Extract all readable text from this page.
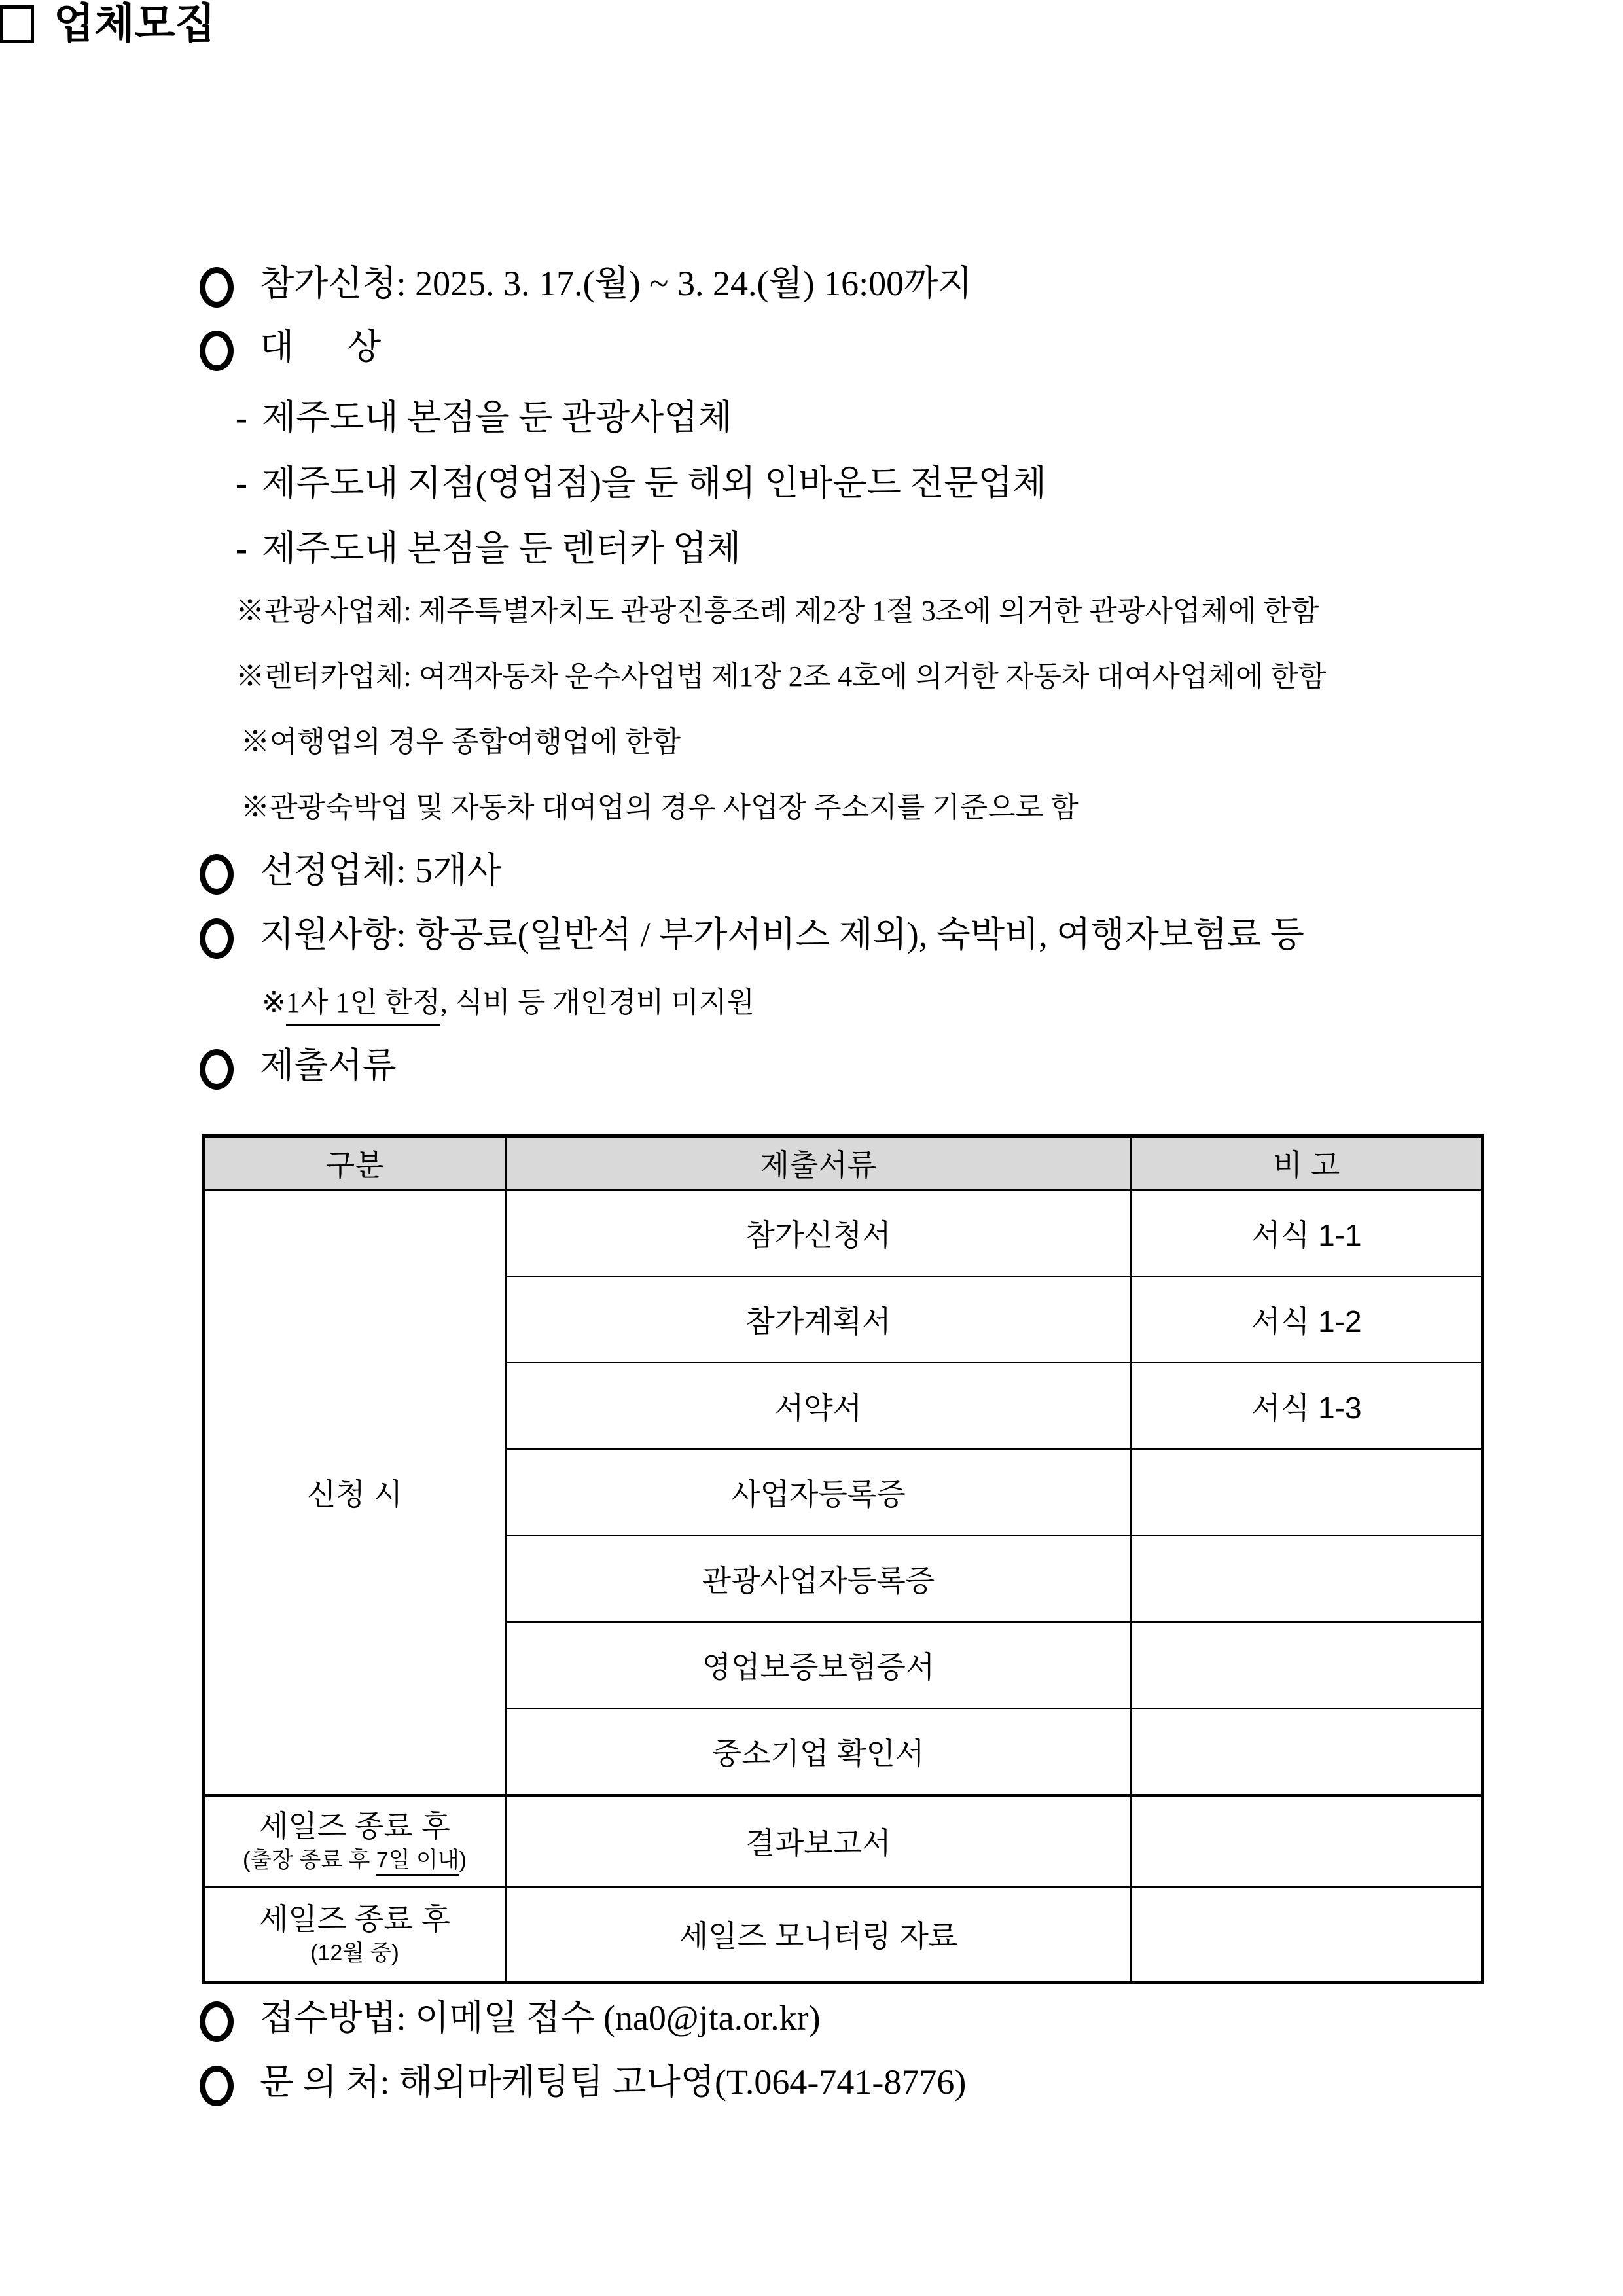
업체모집
참가신청: 2025. 3. 17.(월) ~ 3. 24.(월) 16:00까지
대      상
- 제주도내 본점을 둔 관광사업체
- 제주도내 지점(영업점)을 둔 해외 인바운드 전문업체
- 제주도내 본점을 둔 렌터카 업체
※관광사업체: 제주특별자치도 관광진흥조례 제2장 1절 3조에 의거한 관광사업체에 한함
※렌터카업체: 여객자동차 운수사업법 제1장 2조 4호에 의거한 자동차 대여사업체에 한함
※여행업의 경우 종합여행업에 한함
※관광숙박업 및 자동차 대여업의 경우 사업장 주소지를 기준으로 함
선정업체: 5개사
지원사항: 항공료(일반석 / 부가서비스 제외), 숙박비, 여행자보험료 등
※ 1사 1인 한정 , 식비 등 개인경비 미지원
제출서류
구분	제출서류	비 고
신청 시	참가신청서	서식 1-1
	참가계획서	서식 1-2
	서약서	서식 1-3
	사업자등록증	
	관광사업자등록증	
	영업보증보험증서	
	중소기업 확인서	

세일즈 종료 후
(출장 종료 후 7일 이내)	결과보고서	

세일즈 종료 후
(12월 중)	세일즈 모니터링 자료	
접수방법: 이메일 접수 (na0@jta.or.kr)
문 의 처: 해외마케팅팀 고나영(T.064-741-8776)
